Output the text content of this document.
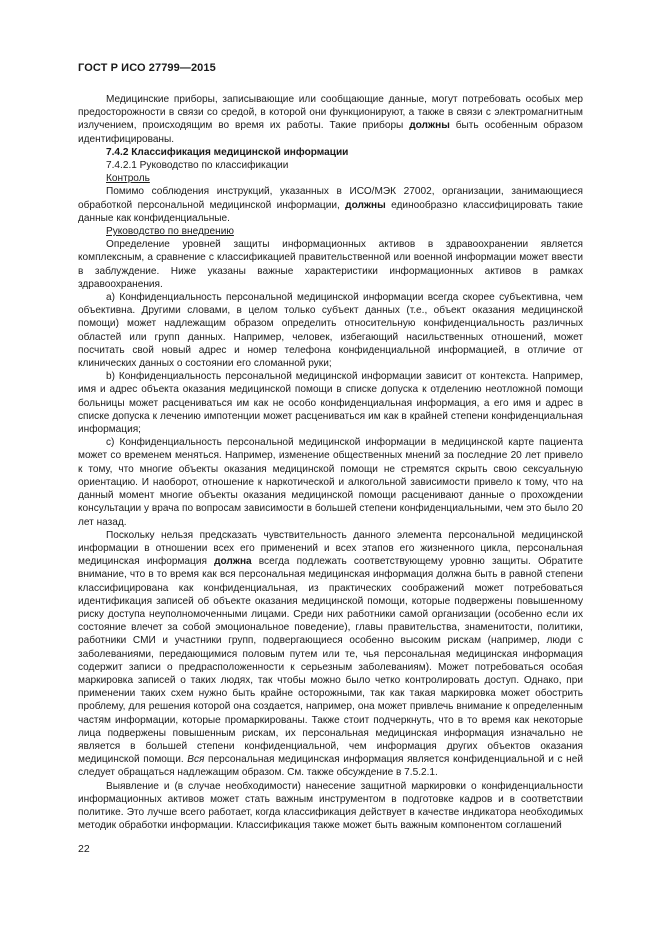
ГОСТ Р ИСО 27799—2015

Медицинские приборы, записывающие или сообщающие данные, могут потребовать особых мер предосторожности в связи со средой, в которой они функционируют, а также в связи с электромагнитным излучением, происходящим во время их работы. Такие приборы должны быть особенным образом идентифицированы.

7.4.2 Классификация медицинской информации
7.4.2.1 Руководство по классификации
Контроль

Помимо соблюдения инструкций, указанных в ИСО/МЭК 27002, организации, занимающиеся обработкой персональной медицинской информации, должны единообразно классифицировать такие данные как конфиденциальные.

Руководство по внедрению

Определение уровней защиты информационных активов в здравоохранении является комплексным, а сравнение с классификацией правительственной или военной информации может ввести в заблуждение. Ниже указаны важные характеристики информационных активов в рамках здравоохранения.

a) Конфиденциальность персональной медицинской информации всегда скорее субъективна, чем объективна. Другими словами, в целом только субъект данных (т.е., объект оказания медицинской помощи) может надлежащим образом определить относительную конфиденциальность различных областей или групп данных. Например, человек, избегающий насильственных отношений, может посчитать свой новый адрес и номер телефона конфиденциальной информацией, в отличие от клинических данных о состоянии его сломанной руки;

b) Конфиденциальность персональной медицинской информации зависит от контекста. Например, имя и адрес объекта оказания медицинской помощи в списке допуска к отделению неотложной помощи больницы может расцениваться им как не особо конфиденциальная информация, а его имя и адрес в списке допуска к лечению импотенции может расцениваться им как в крайней степени конфиденциальная информация;

c) Конфиденциальность персональной медицинской информации в медицинской карте пациента может со временем меняться. Например, изменение общественных мнений за последние 20 лет привело к тому, что многие объекты оказания медицинской помощи не стремятся скрыть свою сексуальную ориентацию. И наоборот, отношение к наркотической и алкогольной зависимости привело к тому, что на данный момент многие объекты оказания медицинской помощи расценивают данные о прохождении консультации у врача по вопросам зависимости в большей степени конфиденциальными, чем это было 20 лет назад.

Поскольку нельзя предсказать чувствительность данного элемента персональной медицинской информации в отношении всех его применений и всех этапов его жизненного цикла, персональная медицинская информация должна всегда подлежать соответствующему уровню защиты. Обратите внимание, что в то время как вся персональная медицинская информация должна быть в равной степени классифицирована как конфиденциальная, из практических соображений может потребоваться идентификация записей об объекте оказания медицинской помощи, которые подвержены повышенному риску доступа неуполномоченными лицами. Среди них работники самой организации (особенно если их состояние влечет за собой эмоциональное поведение), главы правительства, знаменитости, политики, работники СМИ и участники групп, подвергающиеся особенно высоким рискам (например, люди с заболеваниями, передающимися половым путем или те, чья персональная медицинская информация содержит записи о предрасположенности к серьезным заболеваниям). Может потребоваться особая маркировка записей о таких людях, так чтобы можно было четко контролировать доступ. Однако, при применении таких схем нужно быть крайне осторожными, так как такая маркировка может обострить проблему, для решения которой она создается, например, она может привлечь внимание к определенным частям информации, которые промаркированы. Также стоит подчеркнуть, что в то время как некоторые лица подвержены повышенным рискам, их персональная медицинская информация изначально не является в большей степени конфиденциальной, чем информация других объектов оказания медицинской помощи. Вся персональная медицинская информация является конфиденциальной и с ней следует обращаться надлежащим образом. См. также обсуждение в 7.5.2.1.

Выявление и (в случае необходимости) нанесение защитной маркировки о конфиденциальности информационных активов может стать важным инструментом в подготовке кадров и в соответствии политике. Это лучше всего работает, когда классификация действует в качестве индикатора необходимых методик обработки информации. Классификация также может быть важным компонентом соглашений

22
